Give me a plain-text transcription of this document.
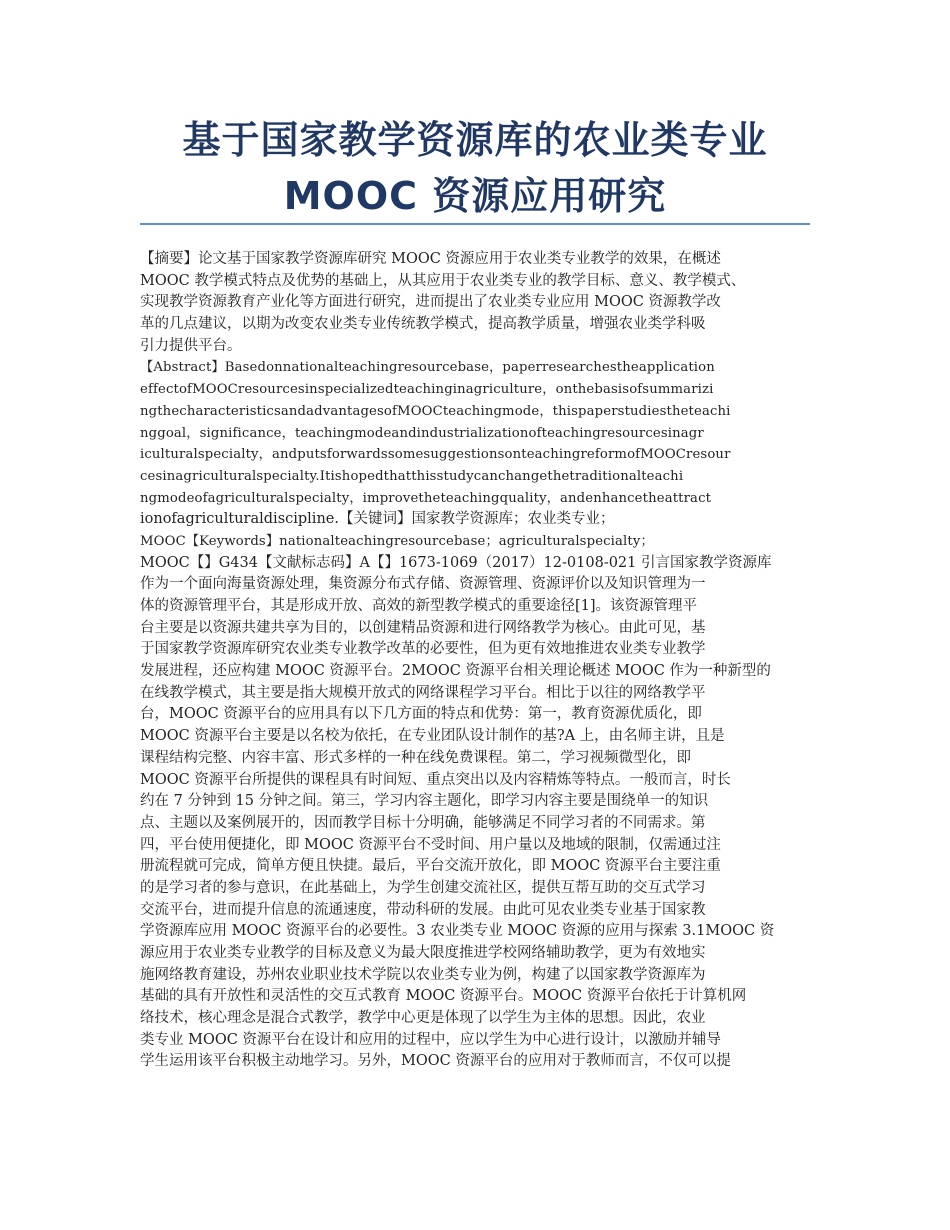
基于国家教学资源库的农业类专业
MOOC 资源应用研究
【摘要】论文基于国家教学资源库研究 MOOC 资源应用于农业类专业教学的效果，在概述
MOOC 教学模式特点及优势的基础上，从其应用于农业类专业的教学目标、意义、教学模式、
实现教学资源教育产业化等方面进行研究，进而提出了农业类专业应用 MOOC 资源教学改
革的几点建议，以期为改变农业类专业传统教学模式，提高教学质量，增强农业类学科吸
引力提供平台。
【Abstract】Basedonnationalteachingresourcebase，paperresearchestheapplication
effectofMOOCresourcesinspecializedteachinginagriculture，onthebasisofsummarizi
ngthecharacteristicsandadvantagesofMOOCteachingmode，thispaperstudiestheteachi
nggoal，significance，teachingmodeandindustrializationofteachingresourcesinagr
iculturalspecialty，andputsforwardssomesuggestionsonteachingreformofMOOCresour
cesinagriculturalspecialty.Itishopedthatthisstudycanchangethetraditionalteachi
ngmodeofagriculturalspecialty，improvetheteachingquality，andenhancetheattract
ionofagriculturaldiscipline.【关键词】国家教学资源库；农业类专业；
MOOC【Keywords】nationalteachingresourcebase；agriculturalspecialty；
MOOC【】G434【文献标志码】A【】1673-1069（2017）12-0108-021 引言国家教学资源库
作为一个面向海量资源处理，集资源分布式存储、资源管理、资源评价以及知识管理为一
体的资源管理平台，其是形成开放、高效的新型教学模式的重要途径[1]。该资源管理平
台主要是以资源共建共享为目的，以创建精品资源和进行网络教学为核心。由此可见，基
于国家教学资源库研究农业类专业教学改革的必要性，但为更有效地推进农业类专业教学
发展进程，还应构建 MOOC 资源平台。2MOOC 资源平台相关理论概述 MOOC 作为一种新型的
在线教学模式，其主要是指大规模开放式的网络课程学习平台。相比于以往的网络教学平
台，MOOC 资源平台的应用具有以下几方面的特点和优势：第一，教育资源优质化，即
MOOC 资源平台主要是以名校为依托，在专业团队设计制作的基?A 上，由名师主讲，且是
课程结构完整、内容丰富、形式多样的一种在线免费课程。第二，学习视频微型化，即
MOOC 资源平台所提供的课程具有时间短、重点突出以及内容精炼等特点。一般而言，时长
约在 7 分钟到 15 分钟之间。第三，学习内容主题化，即学习内容主要是围绕单一的知识
点、主题以及案例展开的，因而教学目标十分明确，能够满足不同学习者的不同需求。第
四，平台使用便捷化，即 MOOC 资源平台不受时间、用户量以及地域的限制，仅需通过注
册流程就可完成，简单方便且快捷。最后，平台交流开放化，即 MOOC 资源平台主要注重
的是学习者的参与意识，在此基础上，为学生创建交流社区，提供互帮互助的交互式学习
交流平台，进而提升信息的流通速度，带动科研的发展。由此可见农业类专业基于国家教
学资源库应用 MOOC 资源平台的必要性。3 农业类专业 MOOC 资源的应用与探索 3.1MOOC 资
源应用于农业类专业教学的目标及意义为最大限度推进学校网络辅助教学，更为有效地实
施网络教育建设，苏州农业职业技术学院以农业类专业为例，构建了以国家教学资源库为
基础的具有开放性和灵活性的交互式教育 MOOC 资源平台。MOOC 资源平台依托于计算机网
络技术，核心理念是混合式教学，教学中心更是体现了以学生为主体的思想。因此，农业
类专业 MOOC 资源平台在设计和应用的过程中，应以学生为中心进行设计，以激励并辅导
学生运用该平台积极主动地学习。另外，MOOC 资源平台的应用对于教师而言，不仅可以提
